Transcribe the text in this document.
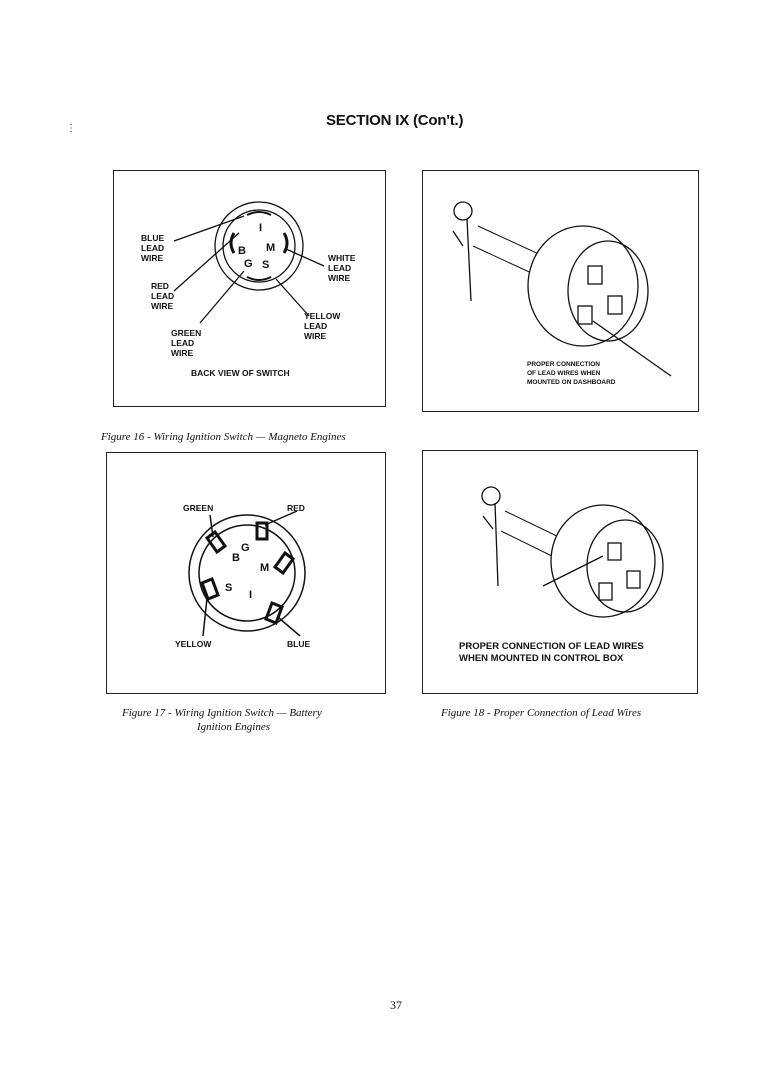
⋮	SECTION IX (Con't.)
B M
G S
I
BLUE
LEAD
WIRE
RED
LEAD
WIRE
GREEN
LEAD
WIRE
WHITE
LEAD
WIRE
YELLOW
LEAD
WIRE
BACK VIEW OF SWITCH
Figure 16 - Wiring Ignition Switch — Magneto Engines
PROPER CONNECTION
OF LEAD WIRES WHEN
MOUNTED ON DASHBOARD
B
M
S
I
G
GREEN	RED
YELLOW	BLUE
Figure 17 - Wiring Ignition Switch — Battery
Ignition Engines
PROPER CONNECTION OF LEAD WIRES
WHEN MOUNTED IN CONTROL BOX
Figure 18 - Proper Connection of Lead Wires
37
